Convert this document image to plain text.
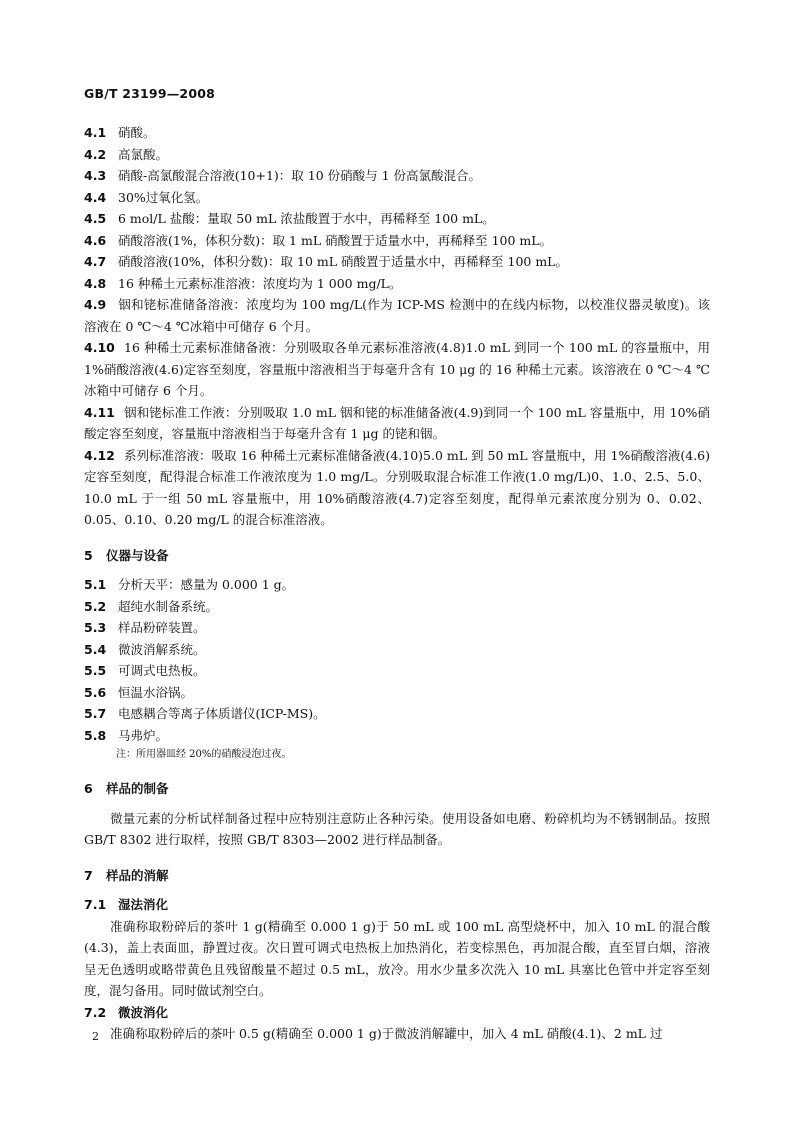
GB/T 23199—2008

4.1 硝酸。

4.2 高氯酸。

4.3 硝酸-高氯酸混合溶液(10+1)：取 10 份硝酸与 1 份高氯酸混合。

4.4 30%过氧化氢。

4.5 6 mol/L 盐酸：量取 50 mL 浓盐酸置于水中，再稀释至 100 mL。

4.6 硝酸溶液(1%，体积分数)：取 1 mL 硝酸置于适量水中，再稀释至 100 mL。

4.7 硝酸溶液(10%，体积分数)：取 10 mL 硝酸置于适量水中，再稀释至 100 mL。

4.8 16 种稀土元素标准溶液：浓度均为 1 000 mg/L。

4.9 铟和铑标准储备溶液：浓度均为 100 mg/L(作为 ICP-MS 检测中的在线内标物，以校准仪器灵敏度)。该溶液在 0 ℃～4 ℃冰箱中可储存 6 个月。

4.10 16 种稀土元素标准储备液：分别吸取各单元素标准溶液(4.8)1.0 mL 到同一个 100 mL 的容量瓶中，用 1%硝酸溶液(4.6)定容至刻度，容量瓶中溶液相当于每毫升含有 10 μg 的 16 种稀土元素。该溶液在 0 ℃～4 ℃冰箱中可储存 6 个月。

4.11 铟和铑标准工作液：分别吸取 1.0 mL 铟和铑的标准储备液(4.9)到同一个 100 mL 容量瓶中，用 10%硝酸定容至刻度，容量瓶中溶液相当于每毫升含有 1 μg 的铑和铟。

4.12 系列标准溶液：吸取 16 种稀土元素标准储备液(4.10)5.0 mL 到 50 mL 容量瓶中，用 1%硝酸溶液(4.6)定容至刻度，配得混合标准工作液浓度为 1.0 mg/L。分别吸取混合标准工作液(1.0 mg/L)0、1.0、2.5、5.0、10.0 mL 于一组 50 mL 容量瓶中，用 10%硝酸溶液(4.7)定容至刻度，配得单元素浓度分别为 0、0.02、0.05、0.10、0.20 mg/L 的混合标准溶液。

5 仪器与设备

5.1 分析天平：感量为 0.000 1 g。

5.2 超纯水制备系统。

5.3 样品粉碎装置。

5.4 微波消解系统。

5.5 可调式电热板。

5.6 恒温水浴锅。

5.7 电感耦合等离子体质谱仪(ICP-MS)。

5.8 马弗炉。

注：所用器皿经 20%的硝酸浸泡过夜。

6 样品的制备

微量元素的分析试样制备过程中应特别注意防止各种污染。使用设备如电磨、粉碎机均为不锈钢制品。按照 GB/T 8302 进行取样，按照 GB/T 8303—2002 进行样品制备。

7 样品的消解

7.1 湿法消化

准确称取粉碎后的茶叶 1 g(精确至 0.000 1 g)于 50 mL 或 100 mL 高型烧杯中，加入 10 mL 的混合酸(4.3)，盖上表面皿，静置过夜。次日置可调式电热板上加热消化，若变棕黑色，再加混合酸，直至冒白烟，溶液呈无色透明或略带黄色且残留酸量不超过 0.5 mL，放冷。用水少量多次洗入 10 mL 具塞比色管中并定容至刻度，混匀备用。同时做试剂空白。

7.2 微波消化

准确称取粉碎后的茶叶 0.5 g(精确至 0.000 1 g)于微波消解罐中，加入 4 mL 硝酸(4.1)、2 mL 过

2
